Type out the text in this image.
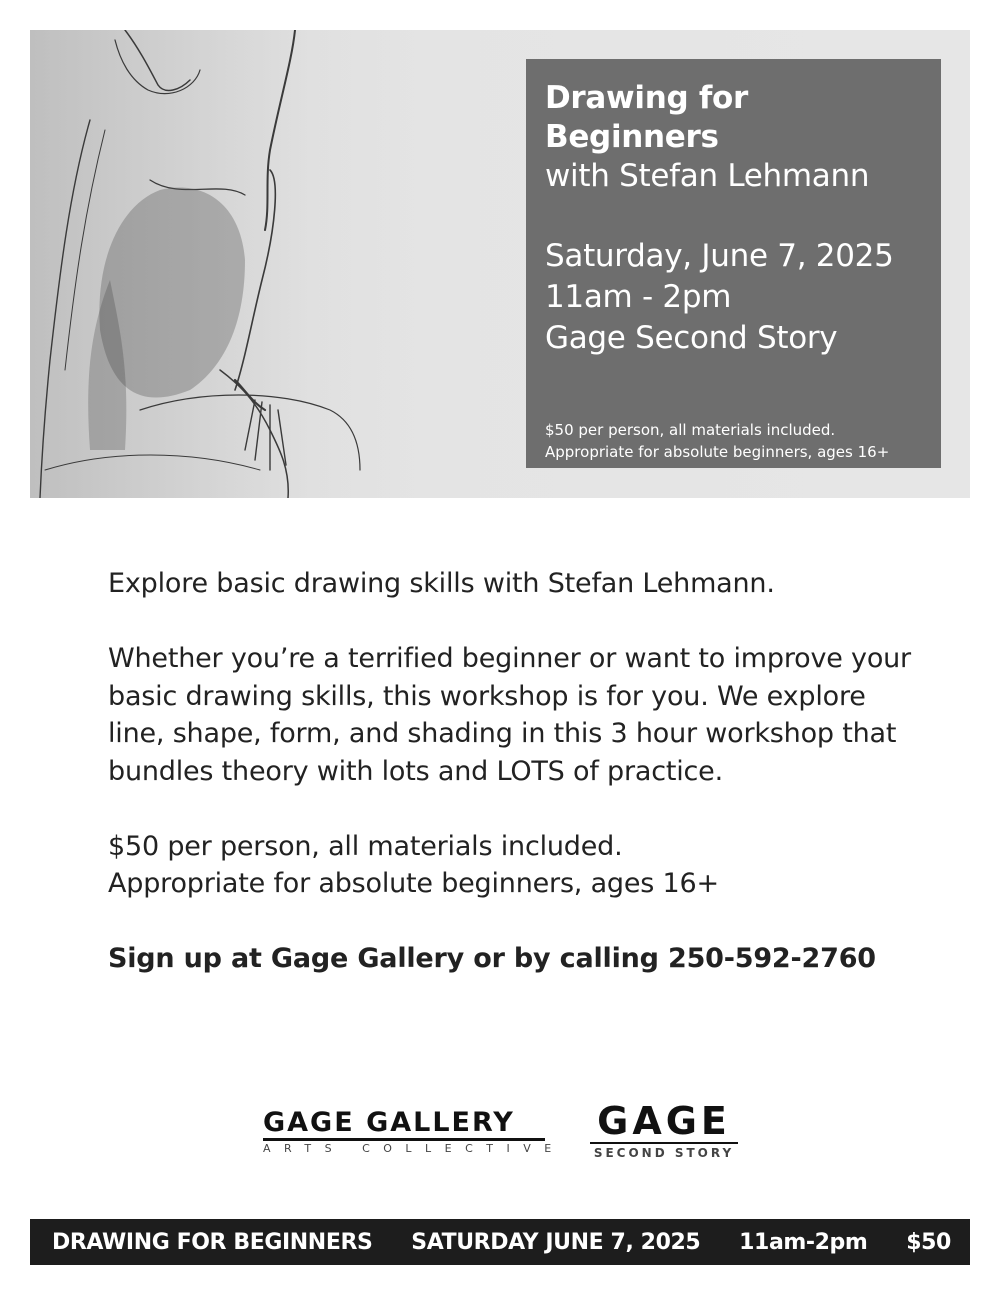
Drawing for Beginners
with Stefan Lehmann
Saturday, June 7, 2025
11am - 2pm
Gage Second Story
$50 per person, all materials included.
Appropriate for absolute beginners, ages 16+

Explore basic drawing skills with Stefan Lehmann.

Whether you’re a terrified beginner or want to improve your basic drawing skills, this workshop is for you. We explore line, shape, form, and shading in this 3 hour workshop that bundles theory with lots and LOTS of practice.

$50 per person, all materials included.

Appropriate for absolute beginners, ages 16+

Sign up at Gage Gallery or by calling 250-592-2760

GAGE GALLERY
ARTS COLLECTIVE
GAGE
SECOND STORY
DRAWING FOR BEGINNERS SATURDAY JUNE 7, 2025 11am-2pm $50
